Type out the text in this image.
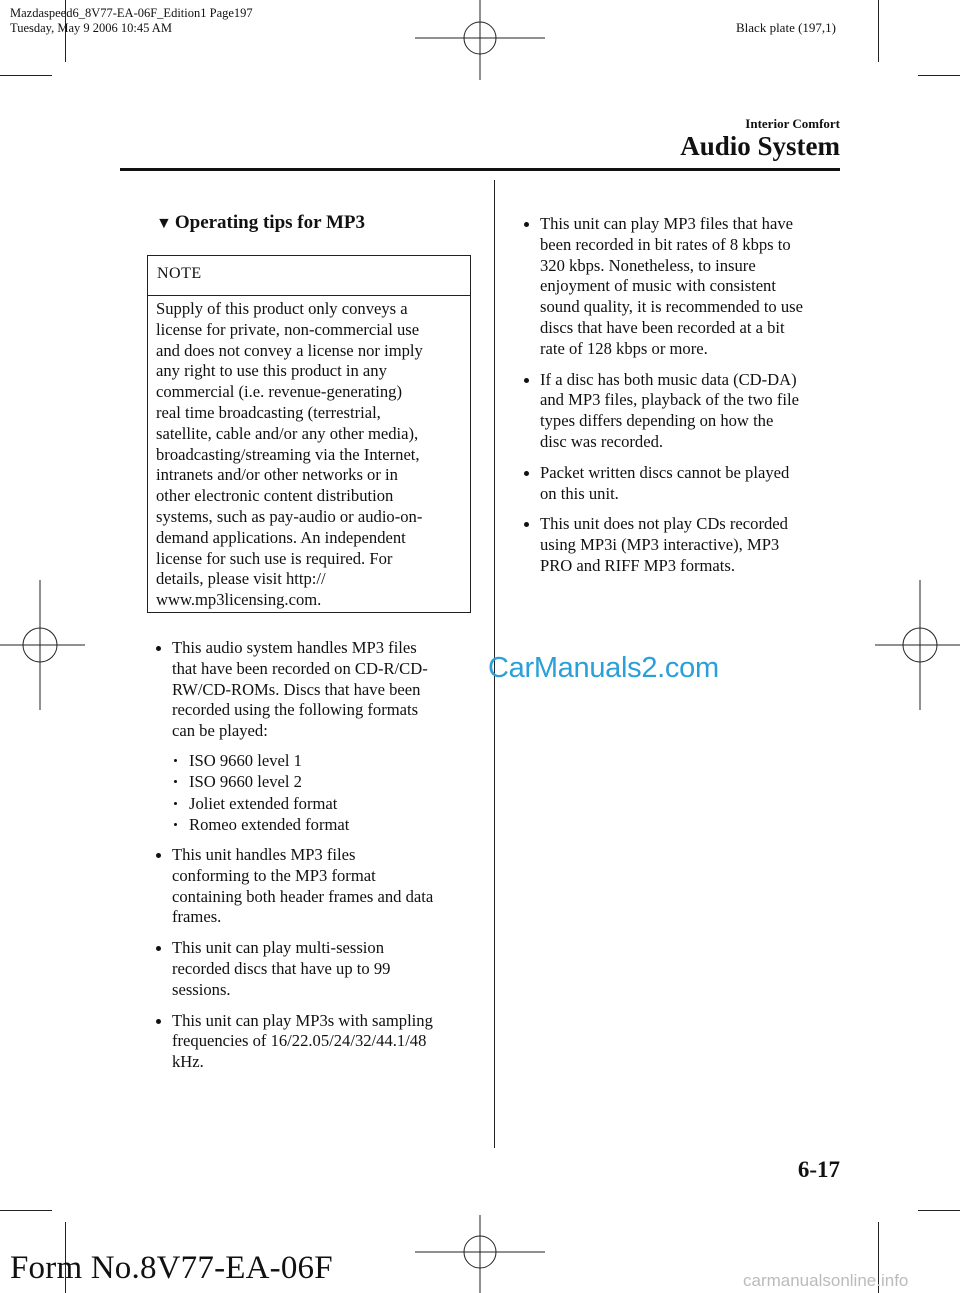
Mazdaspeed6_8V77-EA-06F_Edition1 Page197
Tuesday, May 9 2006 10:45 AM	Black plate (197,1)
Interior Comfort
Audio System
▼ Operating tips for MP3
NOTE
Supply of this product only conveys a
license for private, non-commercial use
and does not convey a license nor imply
any right to use this product in any
commercial (i.e. revenue-generating)
real time broadcasting (terrestrial,
satellite, cable and/or any other media),
broadcasting/streaming via the Internet,
intranets and/or other networks or in
other electronic content distribution
systems, such as pay-audio or audio-on-
demand applications. An independent
license for such use is required. For
details, please visit http://
www.mp3licensing.com.
This audio system handles MP3 files
that have been recorded on CD-R/CD-
RW/CD-ROMs. Discs that have been
recorded using the following formats
can be played:
ISO 9660 level 1
ISO 9660 level 2
Joliet extended format
Romeo extended format
This unit handles MP3 files
conforming to the MP3 format
containing both header frames and data
frames.
This unit can play multi-session
recorded discs that have up to 99
sessions.
This unit can play MP3s with sampling
frequencies of 16/22.05/24/32/44.1/48
kHz.
This unit can play MP3 files that have
been recorded in bit rates of 8 kbps to
320 kbps. Nonetheless, to insure
enjoyment of music with consistent
sound quality, it is recommended to use
discs that have been recorded at a bit
rate of 128 kbps or more.
If a disc has both music data (CD-DA)
and MP3 files, playback of the two file
types differs depending on how the
disc was recorded.
Packet written discs cannot be played
on this unit.
This unit does not play CDs recorded
using MP3i (MP3 interactive), MP3
PRO and RIFF MP3 formats.
CarManuals2.com
6-17
Form No.8V77-EA-06F	carmanualsonline.info
